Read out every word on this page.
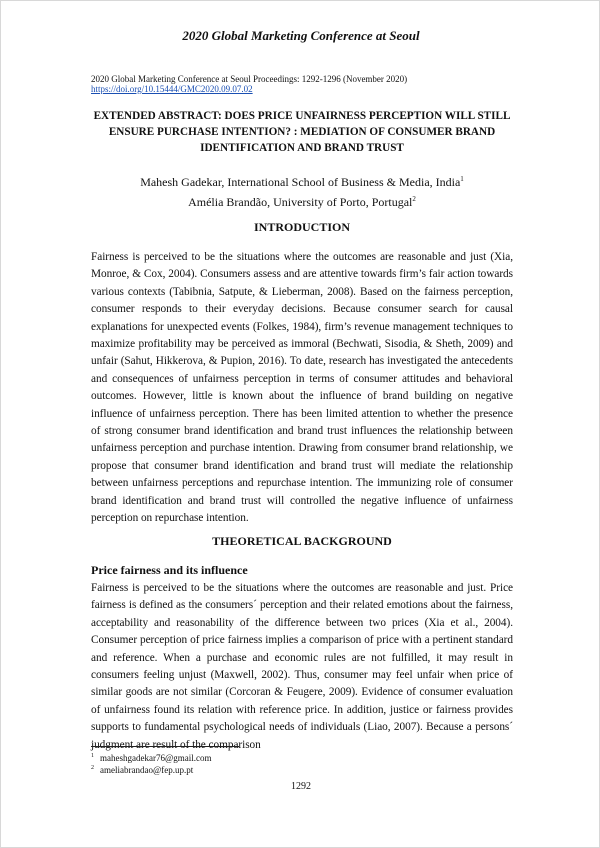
2020 Global Marketing Conference at Seoul
2020 Global Marketing Conference at Seoul Proceedings: 1292-1296 (November 2020)
https://doi.org/10.15444/GMC2020.09.07.02
EXTENDED ABSTRACT: DOES PRICE UNFAIRNESS PERCEPTION WILL STILL ENSURE PURCHASE INTENTION? : MEDIATION OF CONSUMER BRAND IDENTIFICATION AND BRAND TRUST
Mahesh Gadekar, International School of Business & Media, India$^1$
Amélia Brandão, University of Porto, Portugal$^2$
INTRODUCTION

Fairness is perceived to be the situations where the outcomes are reasonable and just (Xia, Monroe, & Cox, 2004). Consumers assess and are attentive towards firm’s fair action towards various contexts (Tabibnia, Satpute, & Lieberman, 2008). Based on the fairness perception, consumer responds to their everyday decisions. Because consumer search for causal explanations for unexpected events (Folkes, 1984), firm’s revenue management techniques to maximize profitability may be perceived as immoral (Bechwati, Sisodia, & Sheth, 2009) and unfair (Sahut, Hikkerova, & Pupion, 2016). To date, research has investigated the antecedents and consequences of unfairness perception in terms of consumer attitudes and behavioral outcomes. However, little is known about the influence of brand building on negative influence of unfairness perception. There has been limited attention to whether the presence of strong consumer brand identification and brand trust influences the relationship between unfairness perception and purchase intention. Drawing from consumer brand relationship, we propose that consumer brand identification and brand trust will mediate the relationship between unfairness perceptions and repurchase intention. The immunizing role of consumer brand identification and brand trust will controlled the negative influence of unfairness perception on repurchase intention.

THEORETICAL BACKGROUND
Price fairness and its influence

Fairness is perceived to be the situations where the outcomes are reasonable and just. Price fairness is defined as the consumers´ perception and their related emotions about the fairness, acceptability and reasonability of the difference between two prices (Xia et al., 2004). Consumer perception of price fairness implies a comparison of price with a pertinent standard and reference. When a purchase and economic rules are not fulfilled, it may result in consumers feeling unjust (Maxwell, 2002). Thus, consumer may feel unfair when price of similar goods are not similar (Corcoran & Feugere, 2009). Evidence of consumer evaluation of unfairness found its relation with reference price. In addition, justice or fairness provides supports to fundamental psychological needs of individuals (Liao, 2007). Because a persons´ judgment are result of the comparison

$^1$ maheshgadekar76@gmail.com
$^2$ ameliabrandao@fep.up.pt
1292
